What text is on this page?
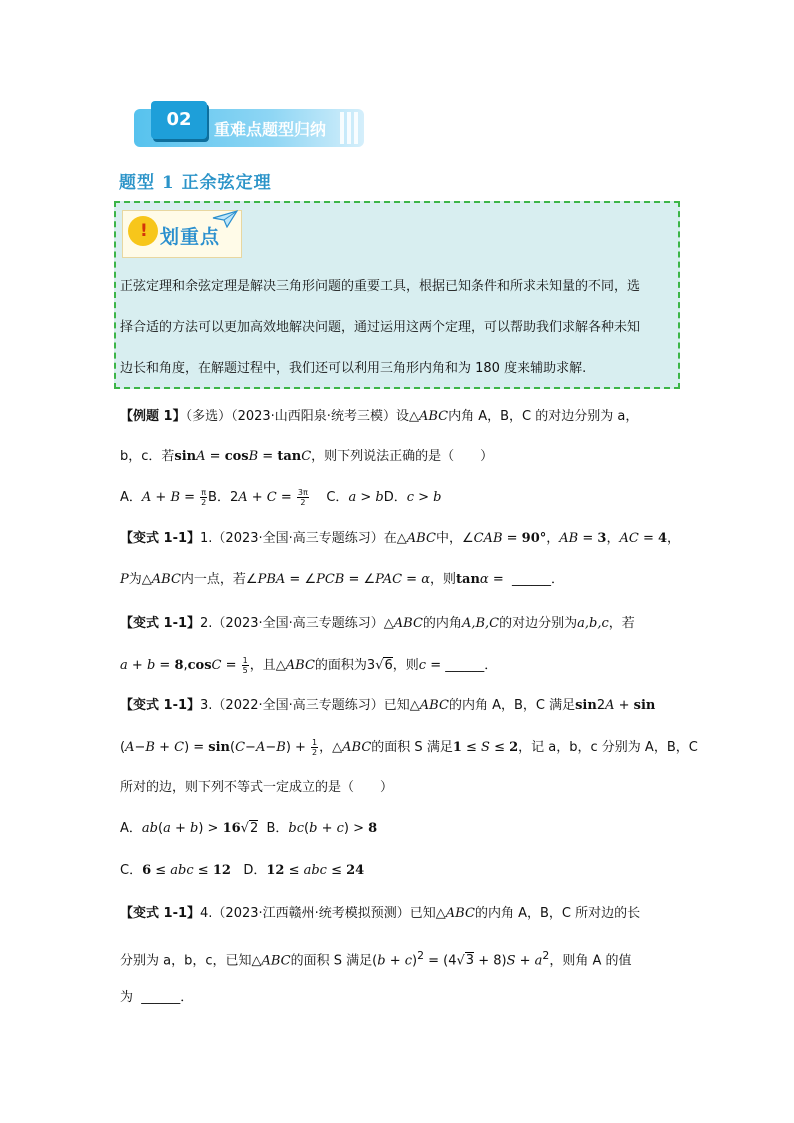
02	重难点题型归纳
题型 1 正余弦定理
! 划重点
正弦定理和余弦定理是解决三角形问题的重要工具，根据已知条件和所求未知量的不同，选
择合适的方法可以更加高效地解决问题，通过运用这两个定理，可以帮助我们求解各种未知
边长和角度，在解题过程中，我们还可以利用三角形内角和为 180 度来辅助求解.
【例题 1】（多选）（2023·山西阳泉·统考三模）设△ABC内角 A，B，C 的对边分别为 a，
b，c．若sinA = cosB = tanC，则下列说法正确的是（　　）
A．$A + B = \frac{\pi}{2}$ B．$2A + C = \frac{3\pi}{2}$ C．a > bD．c > b
【变式 1-1】1.（2023·全国·高三专题练习）在△ABC中，∠CAB = 90°，AB = 3，AC = 4，
P为△ABC内一点，若∠PBA = ∠PCB = ∠PAC = α，则tanα =  ______．
【变式 1-1】2.（2023·全国·高三专题练习）△ABC的内角A,B,C的对边分别为a,b,c，若
$a + b = 8,\cos C = \frac{1}{5}$ ，且△ABC的面积为3√6，则c = ______．
【变式 1-1】3.（2022·全国·高三专题练习）已知△ABC的内角 A，B，C 满足sin2A + sin
$(A-B + C) = \sin(C-A-B) + \frac{1}{2}$ ，△ABC的面积 S 满足1 ≤ S ≤ 2，记 a，b，c 分别为 A，B，C
所对的边，则下列不等式一定成立的是（　　）
A．ab(a + b) > 16√2 B．bc(b + c) > 8
C．6 ≤ abc ≤ 12 D．12 ≤ abc ≤ 24
【变式 1-1】4.（2023·江西赣州·统考模拟预测）已知△ABC的内角 A，B，C 所对边的长
分别为 a，b，c，已知△ABC的面积 S 满足$(b + c)^2 = (4√3 + 8)S + a^2$，则角 A 的值
为 ______．
